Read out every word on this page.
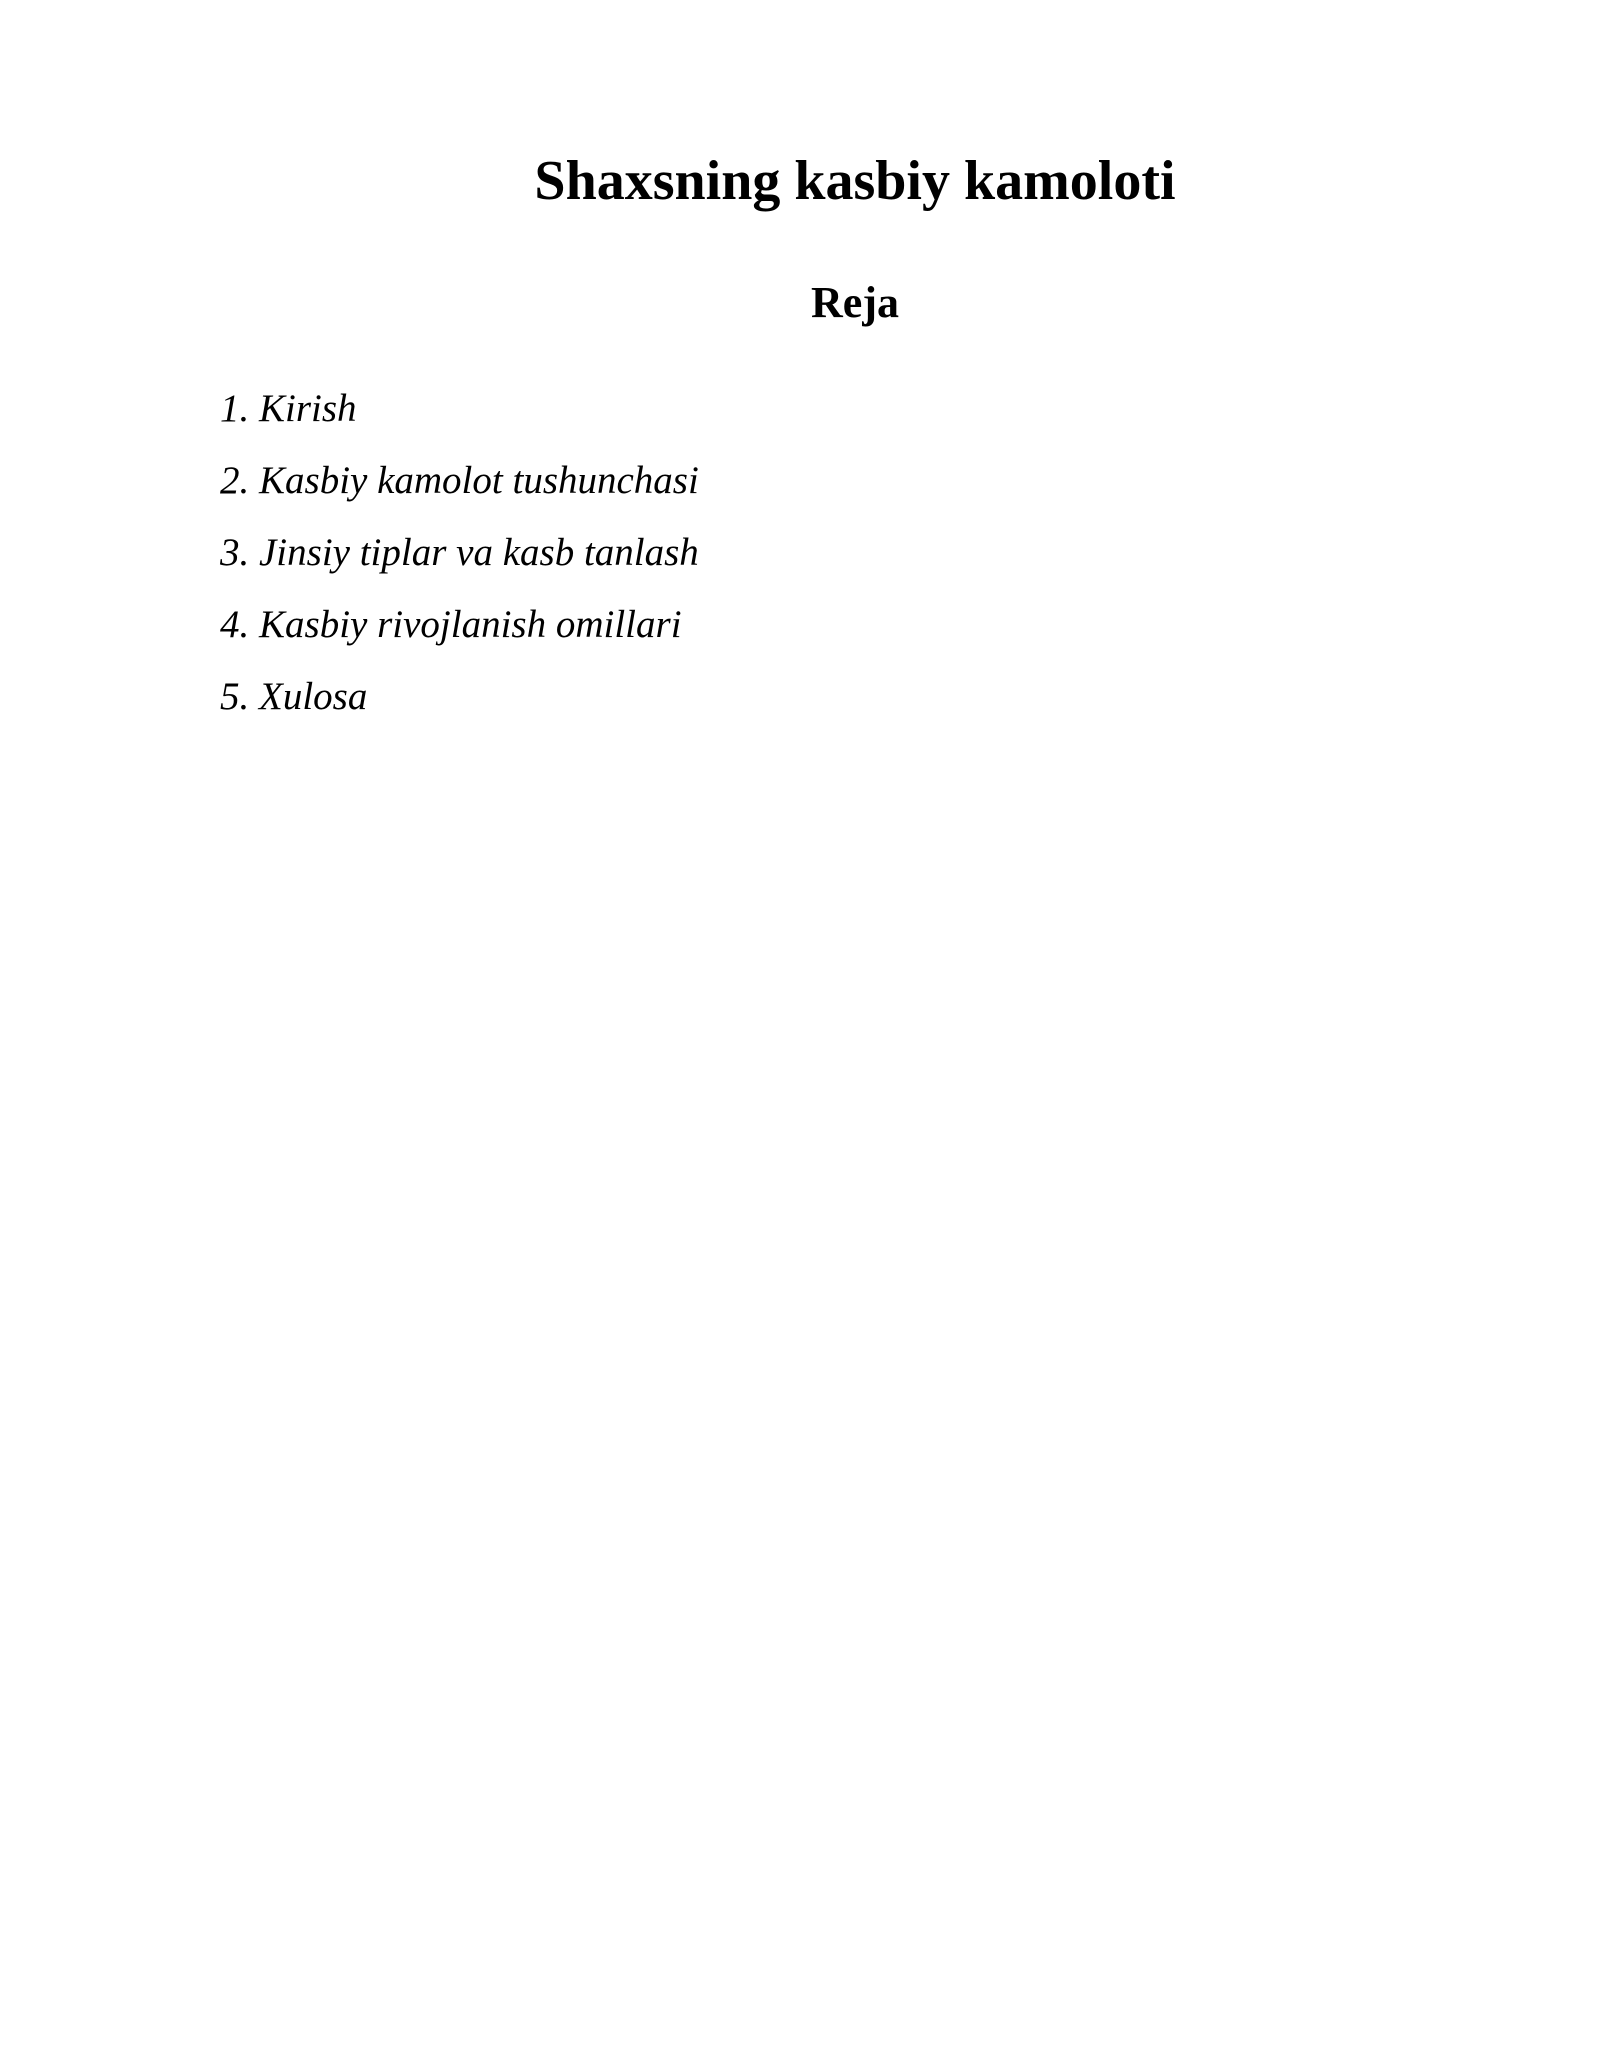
Shaxsning kasbiy kamoloti
Reja
1. Kirish
2. Kasbiy kamolot tushunchasi
3. Jinsiy tiplar va kasb tanlash
4. Kasbiy rivojlanish omillari
5. Xulosa
